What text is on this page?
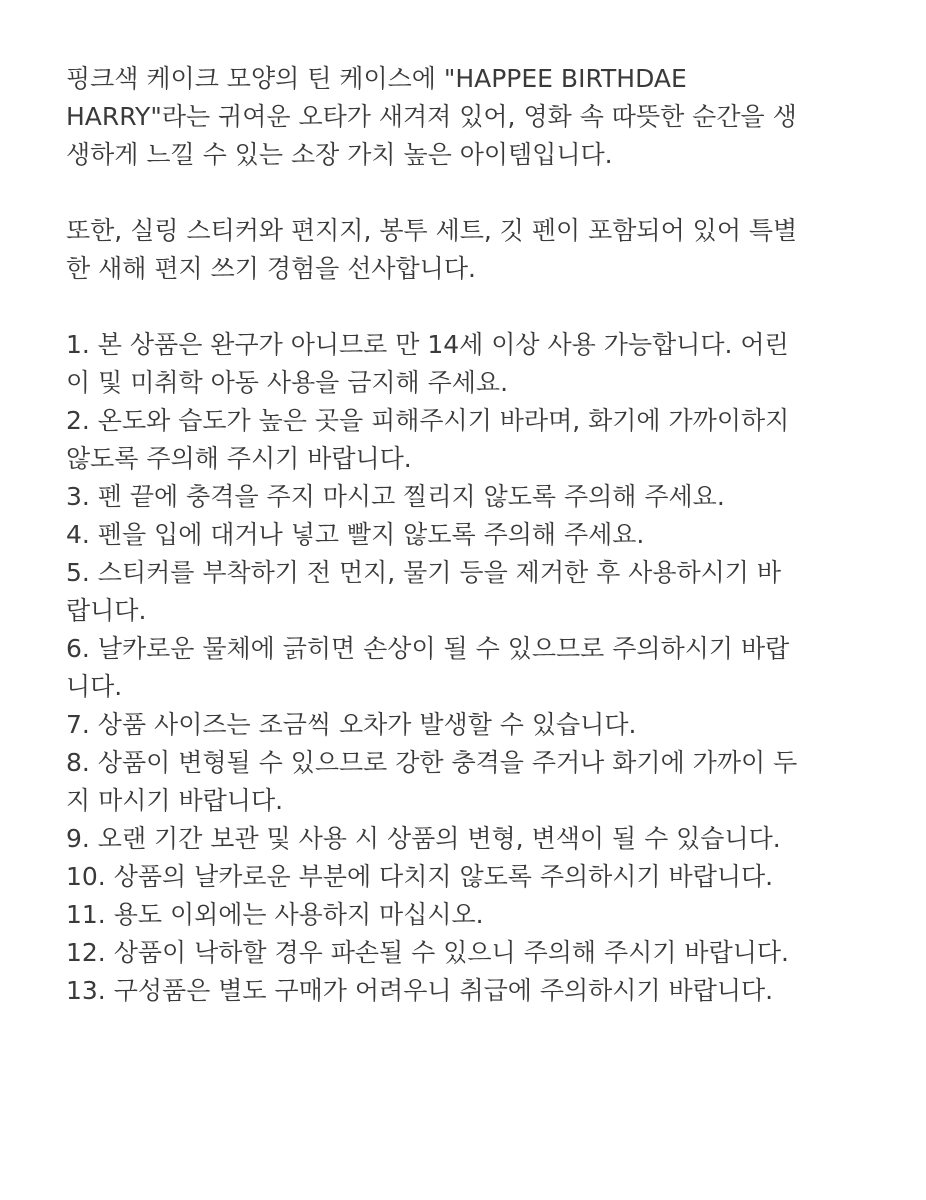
핑크색 케이크 모양의 틴 케이스에 "HAPPEE BIRTHDAE
HARRY"라는 귀여운 오타가 새겨져 있어, 영화 속 따뜻한 순간을 생
생하게 느낄 수 있는 소장 가치 높은 아이템입니다.

또한, 실링 스티커와 편지지, 봉투 세트, 깃 펜이 포함되어 있어 특별
한 새해 편지 쓰기 경험을 선사합니다.

1. 본 상품은 완구가 아니므로 만 14세 이상 사용 가능합니다. 어린
이 및 미취학 아동 사용을 금지해 주세요.
2. 온도와 습도가 높은 곳을 피해주시기 바라며, 화기에 가까이하지
않도록 주의해 주시기 바랍니다.
3. 펜 끝에 충격을 주지 마시고 찔리지 않도록 주의해 주세요.
4. 펜을 입에 대거나 넣고 빨지 않도록 주의해 주세요.
5. 스티커를 부착하기 전 먼지, 물기 등을 제거한 후 사용하시기 바
랍니다.
6. 날카로운 물체에 긁히면 손상이 될 수 있으므로 주의하시기 바랍
니다.
7. 상품 사이즈는 조금씩 오차가 발생할 수 있습니다.
8. 상품이 변형될 수 있으므로 강한 충격을 주거나 화기에 가까이 두
지 마시기 바랍니다.
9. 오랜 기간 보관 및 사용 시 상품의 변형, 변색이 될 수 있습니다.
10. 상품의 날카로운 부분에 다치지 않도록 주의하시기 바랍니다.
11. 용도 이외에는 사용하지 마십시오.
12. 상품이 낙하할 경우 파손될 수 있으니 주의해 주시기 바랍니다.
13. 구성품은 별도 구매가 어려우니 취급에 주의하시기 바랍니다.
